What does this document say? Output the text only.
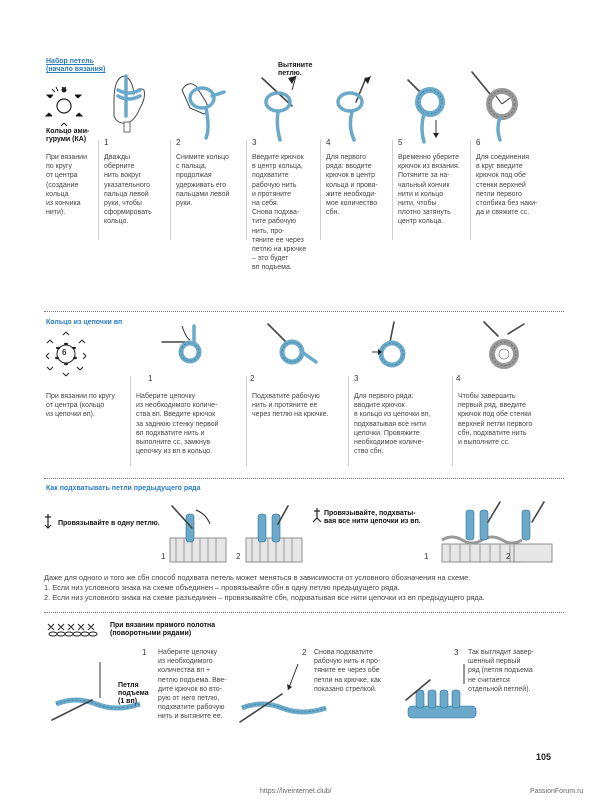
Набор петель
(начало вязания)
Кольцо ами-
гуруми (КА)
При вязании
по кругу
от центра
(создание
кольца
из кончика
нити).
Вытяните
петлю.
1
Дважды
оберните
нить вокруг
указательного
пальца левой
руки, чтобы
сформировать
кольцо.
2
Снимите кольцо
с пальца,
продолжая
удерживать его
пальцами левой
руки.
3
Введите крючок
в центр кольца,
подхватите
рабочую нить
и протяните
на себя.
Снова подхва-
тите рабочую
нить, про-
тяните ее через
петлю на крючке
– это будет
вп подъема.
4
Для первого
ряда: вводите
крючок в центр
кольца и провя-
жите необходи-
мое количество
сбн.
5
Временно уберите
крючок из вязания.
Потяните за на-
чальный кончик
нити и кольцо
нити, чтобы
плотно затянуть
центр кольца.
6
Для соединения
в круг введите
крючок под обе
стенки верхней
петли первого
столбика без наки-
да и свяжите сс.
Кольцо из цепочки вп
6
При вязании по кругу
от центра (кольцо
из цепочки вп).
1
Наберите цепочку
из необходимого количе-
ства вп. Введите крючок
за заднюю стенку первой
вп подхватите нить и
выполните сс, замкнув
цепочку из вп в кольцо.
2
Подхватите рабочую
нить и протяните ее
через петлю на крючке.
3
Для первого ряда:
вводите крючок
в кольцо из цепочки вп,
подхватывая все нити
цепочки. Провяжите
необходимое количе-
ство сбн.
4
Чтобы завершить
первый ряд, введите
крючок под обе стенки
верхней петли первого
сбн, подхватите нить
и выполните сс.
Как подхватывать петли предыдущего ряда
Провязывайте в одну петлю.
1	2
Провязывайте, подхваты-
вая все нити цепочки из вп.
1	2
Даже для одного и того же сбн способ подхвата петель может меняться в зависимости от условного обозначения на схеме.
1. Если низ условного знака на схеме объединен – провязывайте сбн в одну петлю предыдущего ряда.
2. Если низ условного знака на схеме разъединен – провязывайте сбн, подхватывая все нити цепочки из вп предыдущего ряда.
При вязании прямого полотна
(поворотными рядами)
Петля
подъема
(1 вп)
1 Наберите цепочку
из необходимого
количества вп +
петлю подъема. Вве-
дите крючок во вто-
рую от него петлю,
подхватите рабочую
нить и вытяните ее.
2 Снова подхватите
рабочую нить и про-
тяните ее через обе
петли на крючке, как
показано стрелкой.
3 Так выглядит завер-
шенный первый
ряд (петля подъема
не считается
отдельной петлей).
105
https://liveinternet.club/	PassionForum.ru
